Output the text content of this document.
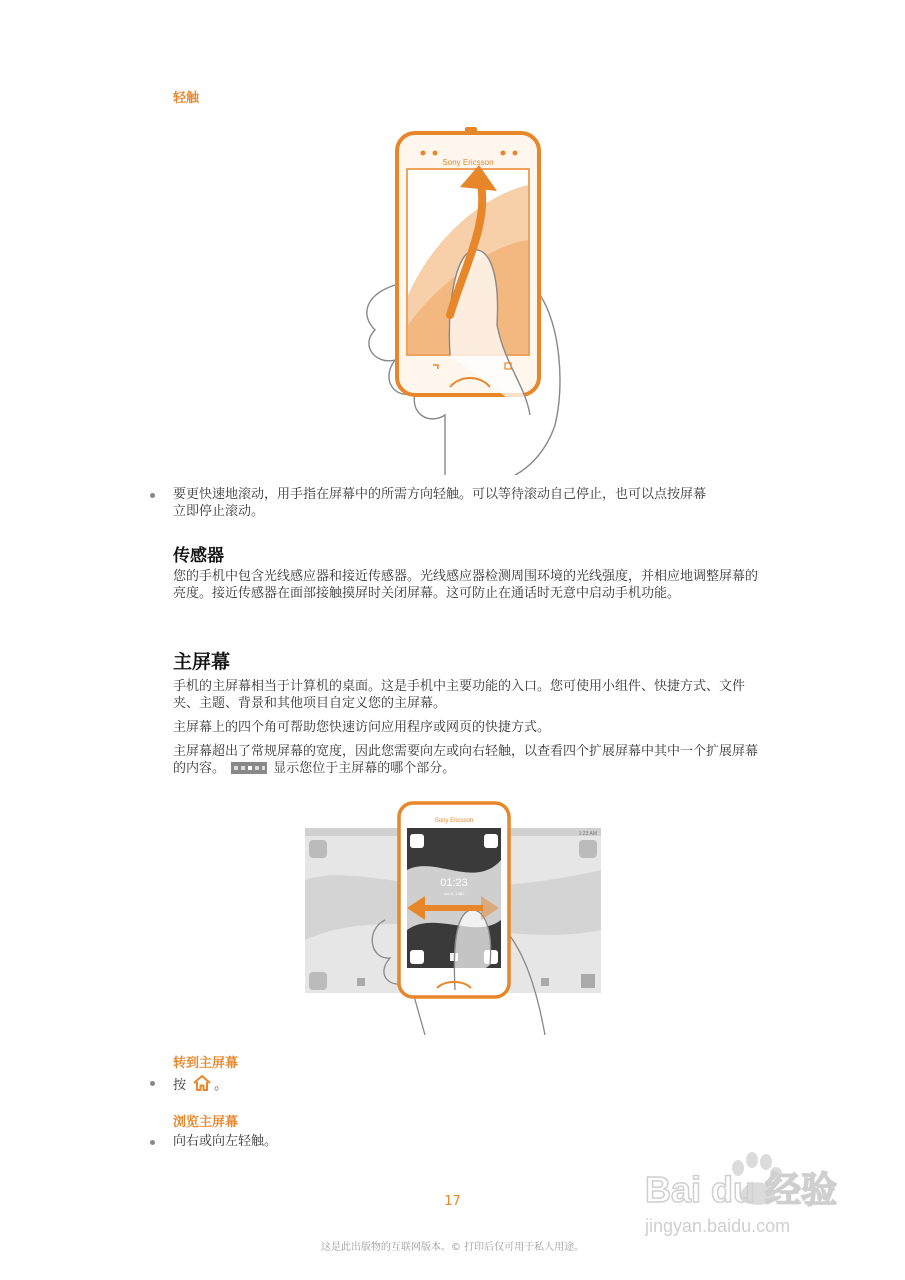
轻触
Sony Ericsson
要更快速地滚动，用手指在屏幕中的所需方向轻触。可以等待滚动自己停止，也可以点按屏幕立即停止滚动。
传感器
您的手机中包含光线感应器和接近传感器。光线感应器检测周围环境的光线强度，并相应地调整屏幕的亮度。接近传感器在面部接触摸屏时关闭屏幕。这可防止在通话时无意中启动手机功能。
主屏幕
手机的主屏幕相当于计算机的桌面。这是手机中主要功能的入口。您可使用小组件、快捷方式、文件夹、主题、背景和其他项目自定义您的主屏幕。
主屏幕上的四个角可帮助您快速访问应用程序或网页的快捷方式。
主屏幕超出了常规屏幕的宽度，因此您需要向左或向右轻触，以查看四个扩展屏幕中其中一个扩展屏幕的内容。	显示您位于主屏幕的哪个部分。
1:23 AM
Sony Ericsson
01:23
Jan 6, 1982
转到主屏幕
按 。
浏览主屏幕
向右或向左轻触。
17
这是此出版物的互联网版本。© 打印后仅可用于私人用途。
Bai du 经验
jingyan.baidu.com
